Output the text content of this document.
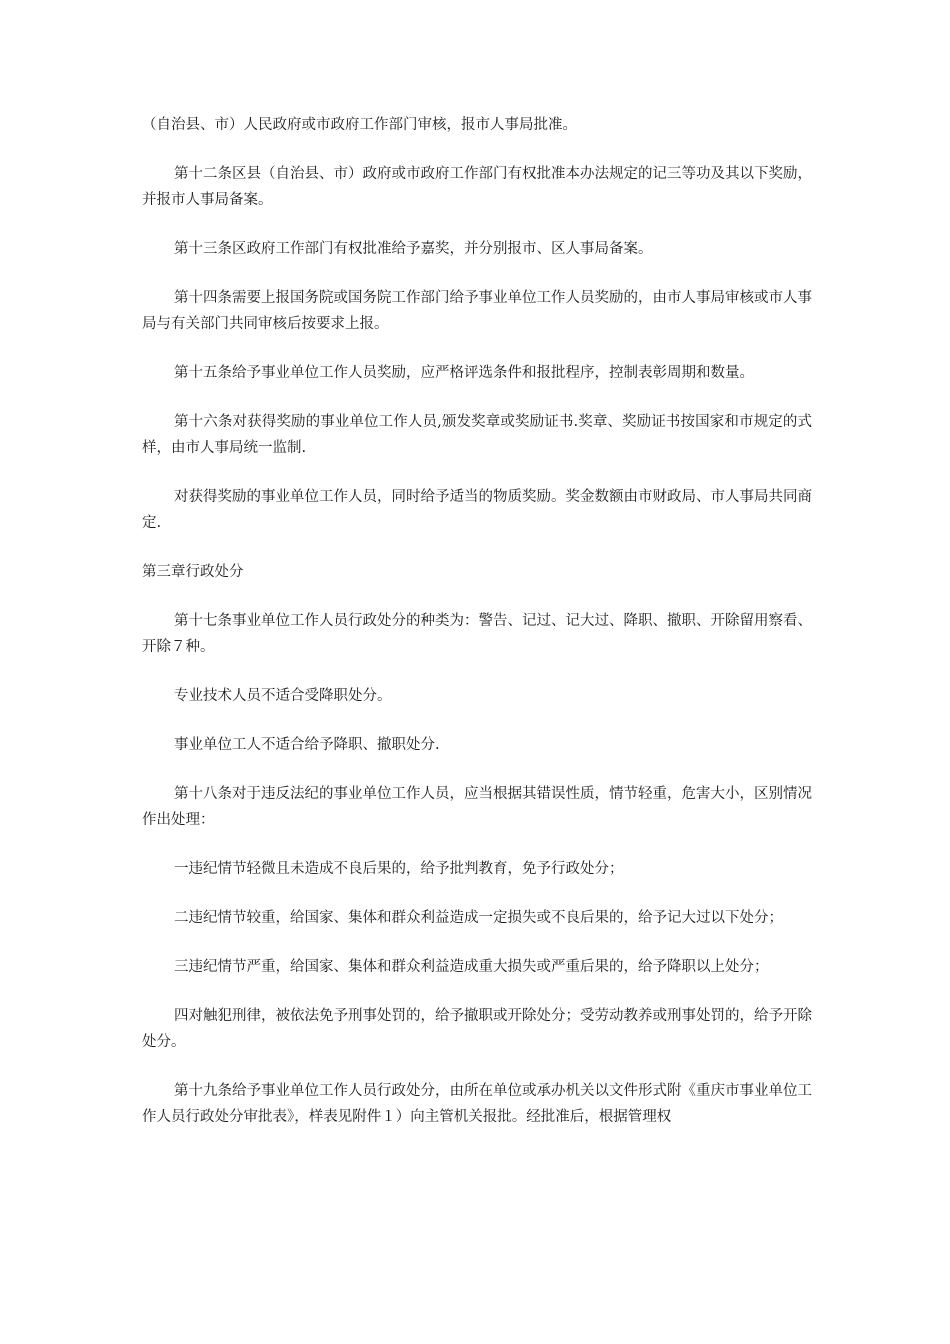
（自治县、市）人民政府或市政府工作部门审核，报市人事局批准。

第十二条区县（自治县、市）政府或市政府工作部门有权批准本办法规定的记三等功及其以下奖励，并报市人事局备案。

第十三条区政府工作部门有权批准给予嘉奖，并分别报市、区人事局备案。

第十四条需要上报国务院或国务院工作部门给予事业单位工作人员奖励的，由市人事局审核或市人事局与有关部门共同审核后按要求上报。

第十五条给予事业单位工作人员奖励，应严格评选条件和报批程序，控制表彰周期和数量。

第十六条对获得奖励的事业单位工作人员,颁发奖章或奖励证书.奖章、奖励证书按国家和市规定的式样，由市人事局统一监制.

对获得奖励的事业单位工作人员，同时给予适当的物质奖励。奖金数额由市财政局、市人事局共同商定.

第三章行政处分

第十七条事业单位工作人员行政处分的种类为：警告、记过、记大过、降职、撤职、开除留用察看、开除７种。

专业技术人员不适合受降职处分。

事业单位工人不适合给予降职、撤职处分.

第十八条对于违反法纪的事业单位工作人员，应当根据其错误性质，情节轻重，危害大小，区别情况作出处理：

一违纪情节轻微且未造成不良后果的，给予批判教育，免予行政处分；

二违纪情节较重，给国家、集体和群众利益造成一定损失或不良后果的，给予记大过以下处分；

三违纪情节严重，给国家、集体和群众利益造成重大损失或严重后果的，给予降职以上处分；

四对触犯刑律，被依法免予刑事处罚的，给予撤职或开除处分；受劳动教养或刑事处罚的，给予开除处分。

第十九条给予事业单位工作人员行政处分，由所在单位或承办机关以文件形式附《重庆市事业单位工作人员行政处分审批表》，样表见附件１）向主管机关报批。经批准后，根据管理权
